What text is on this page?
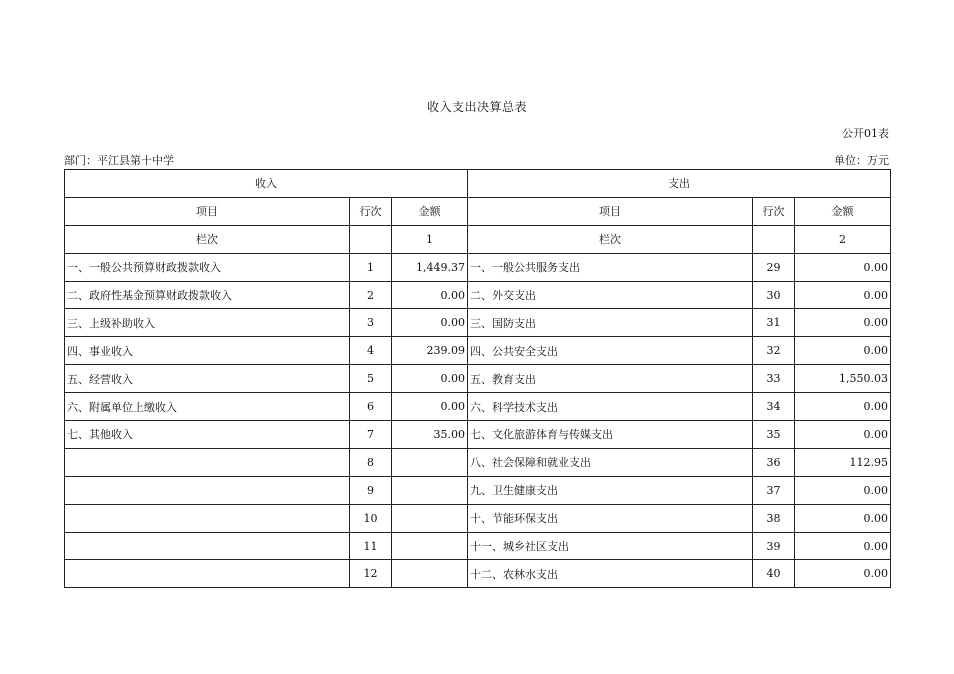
收入支出决算总表
公开01表
部门：平江县第十中学	单位：万元
收入			支出		
项目	行次	金额	项目	行次	金额
栏次		1	栏次		2
一、一般公共预算财政拨款收入	1	1,449.37	一、一般公共服务支出	29	0.00
二、政府性基金预算财政拨款收入	2	0.00	二、外交支出	30	0.00
三、上级补助收入	3	0.00	三、国防支出	31	0.00
四、事业收入	4	239.09	四、公共安全支出	32	0.00
五、经营收入	5	0.00	五、教育支出	33	1,550.03
六、附属单位上缴收入	6	0.00	六、科学技术支出	34	0.00
七、其他收入	7	35.00	七、文化旅游体育与传媒支出	35	0.00
	8		八、社会保障和就业支出	36	112.95
	9		九、卫生健康支出	37	0.00
	10		十、节能环保支出	38	0.00
	11		十一、城乡社区支出	39	0.00
	12		十二、农林水支出	40	0.00
